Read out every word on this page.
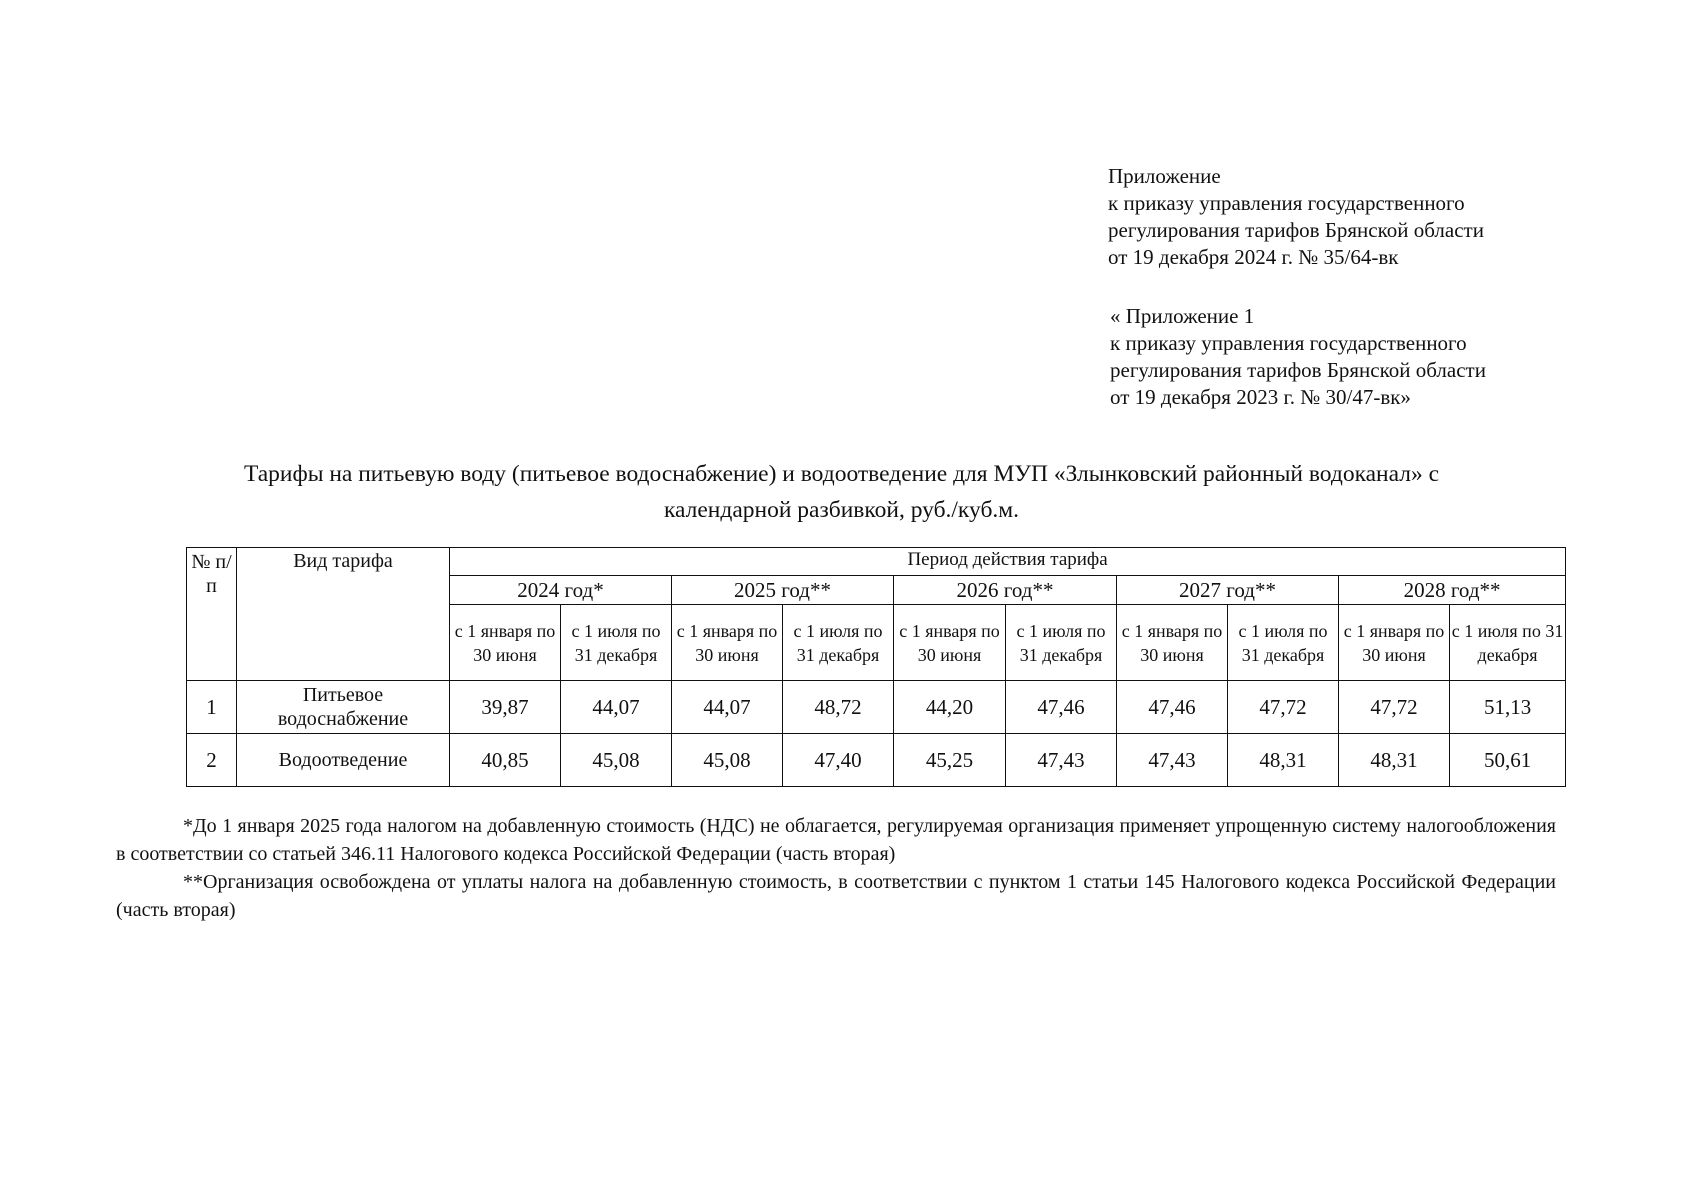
Приложение
к приказу управления государственного
регулирования тарифов Брянской области
от 19 декабря 2024 г. № 35/64-вк
« Приложение 1
к приказу управления государственного
регулирования тарифов Брянской области
от 19 декабря 2023 г. № 30/47-вк»
Тарифы на питьевую воду (питьевое водоснабжение) и водоотведение для МУП «Злынковский районный водоканал» с
календарной разбивкой, руб./куб.м.
№ п/п	Вид тарифа	Период действия тарифа									
		2024 год*		2025 год**		2026 год**		2027 год**		2028 год**	
		с 1 января по 30 июня	с 1 июля по 31 декабря	с 1 января по 30 июня	с 1 июля по 31 декабря	с 1 января по 30 июня	с 1 июля по 31 декабря	с 1 января по 30 июня	с 1 июля по 31 декабря	с 1 января по 30 июня	с 1 июля по 31 декабря
1	Питьевое водоснабжение	39,87	44,07	44,07	48,72	44,20	47,46	47,46	47,72	47,72	51,13
2	Водоотведение	40,85	45,08	45,08	47,40	45,25	47,43	47,43	48,31	48,31	50,61

*До 1 января 2025 года налогом на добавленную стоимость (НДС) не облагается, регулируемая организация применяет упрощенную систему налогообложения в соответствии со статьей 346.11 Налогового кодекса Российской Федерации (часть вторая)

**Организация освобождена от уплаты налога на добавленную стоимость, в соответствии с пунктом 1 статьи 145 Налогового кодекса Российской Федерации (часть вторая)
